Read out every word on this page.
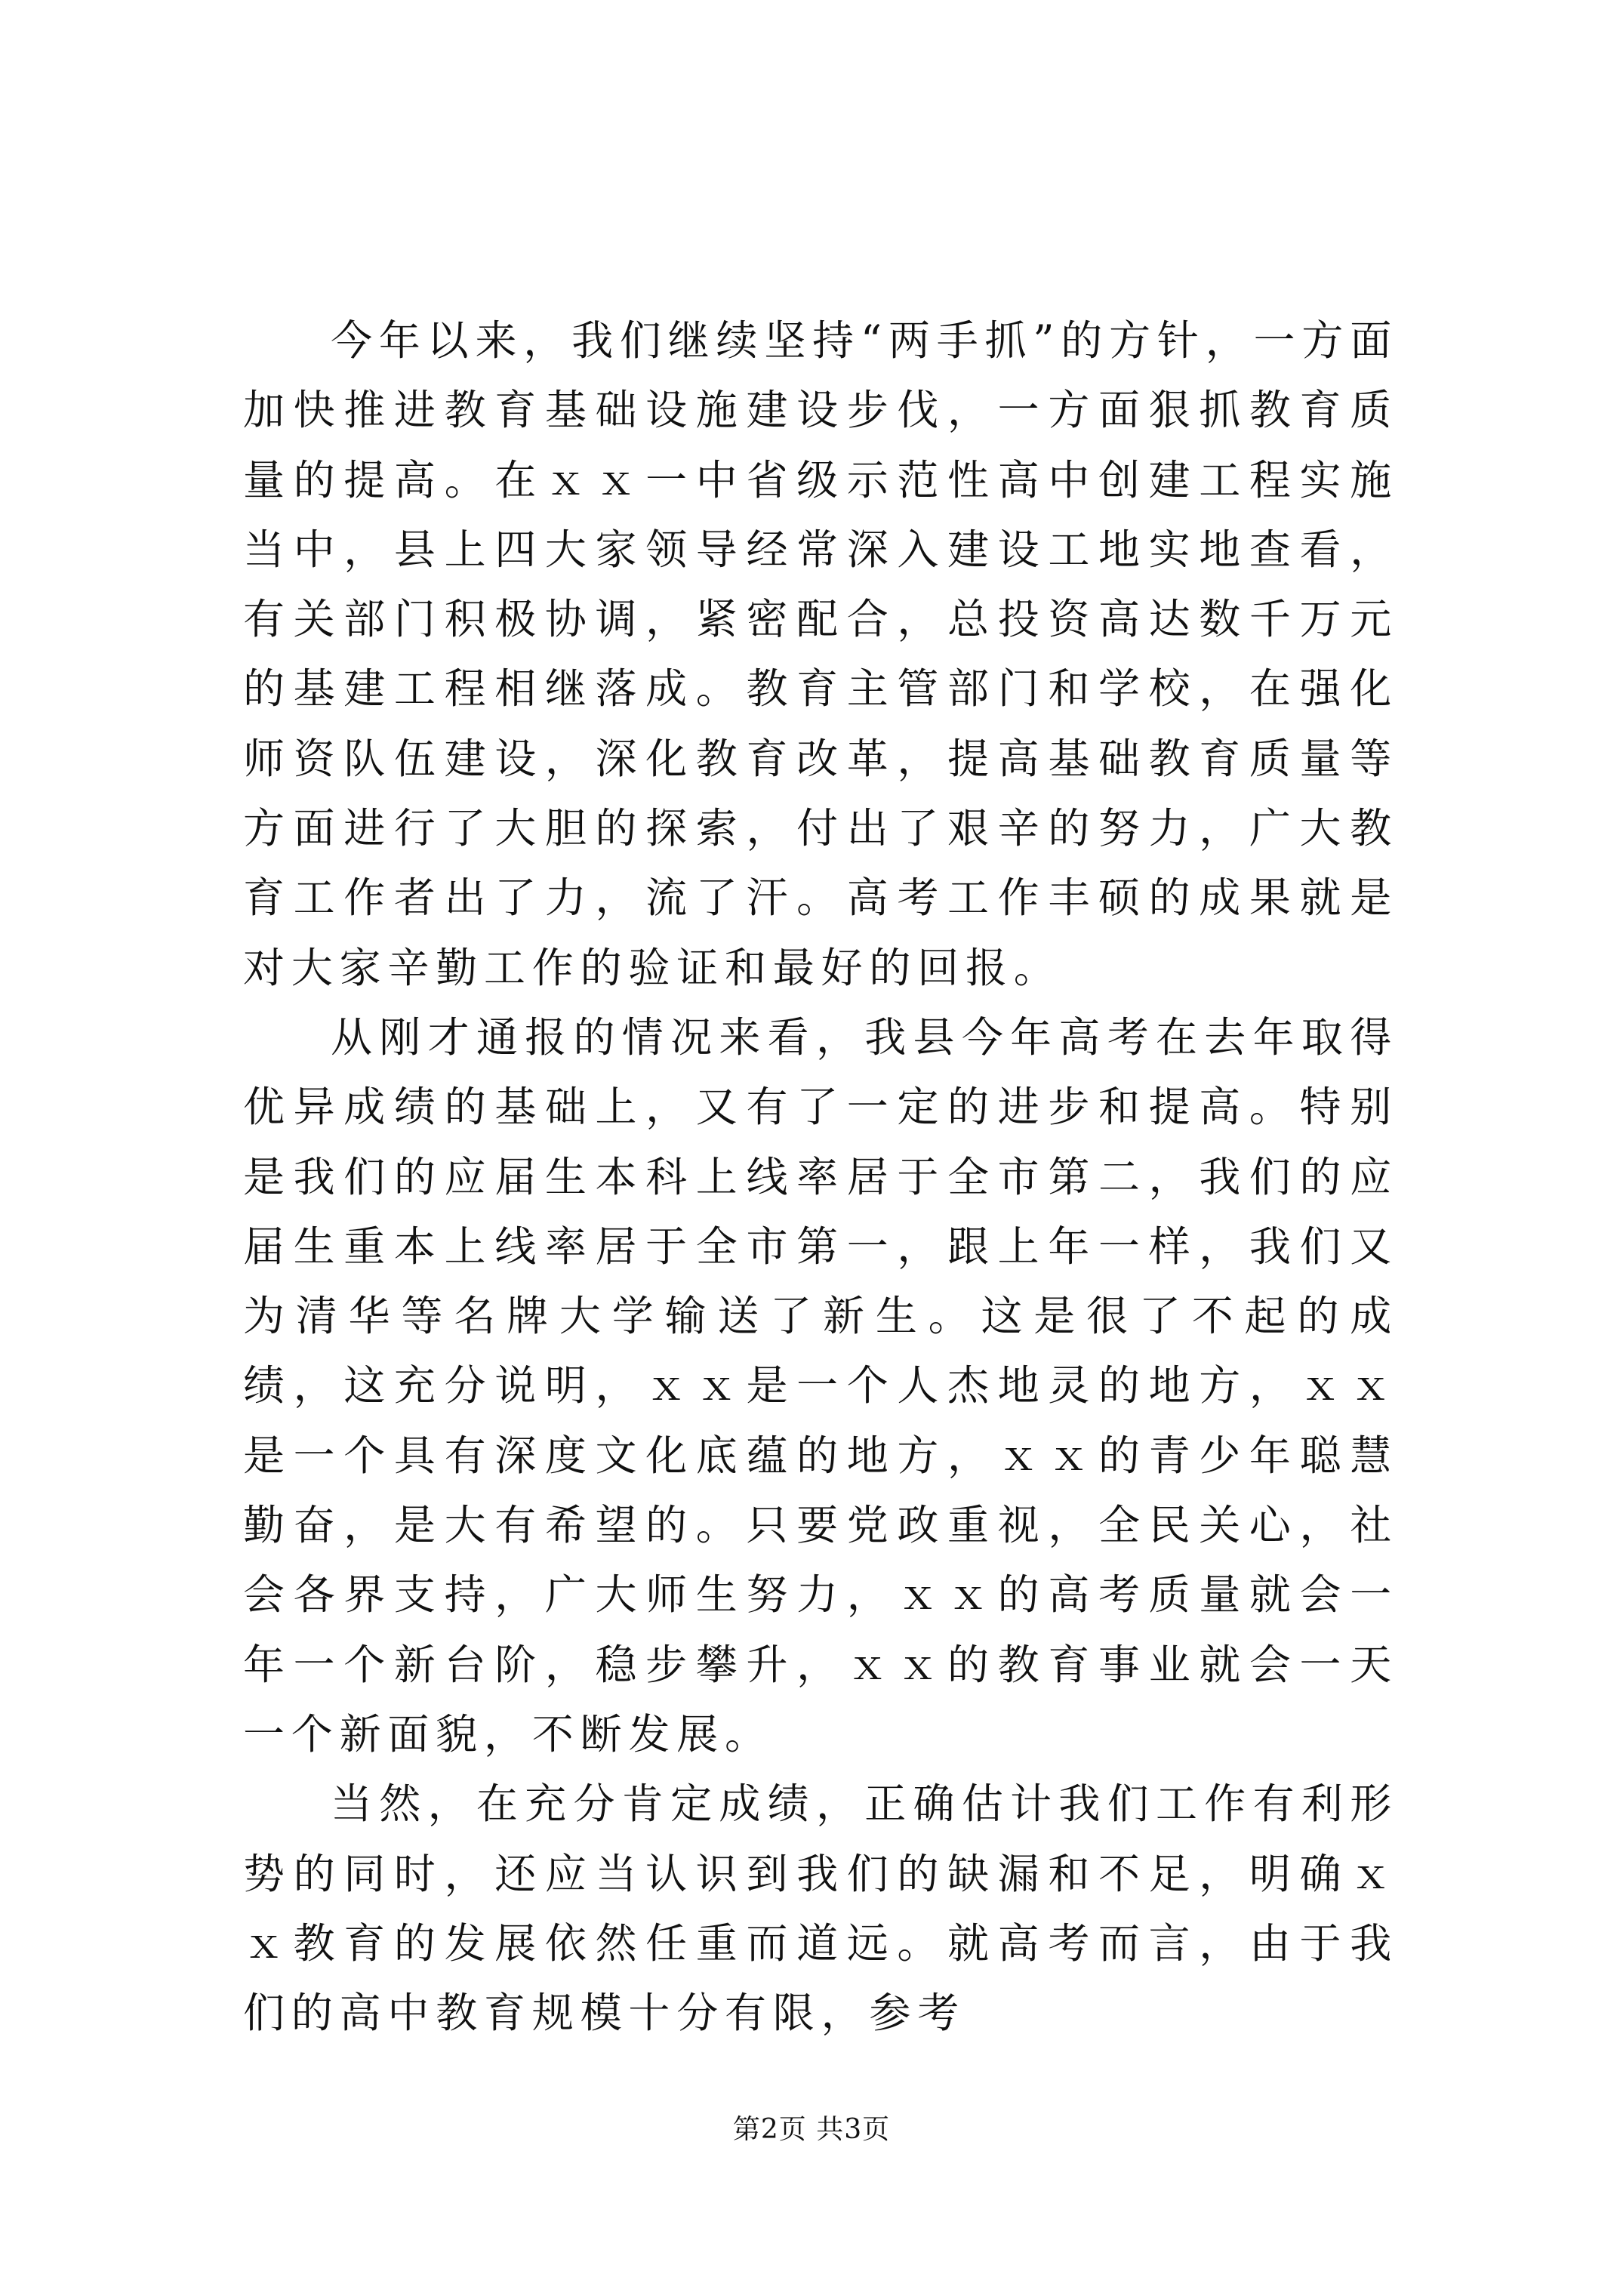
今年以来，我们继续坚持“两手抓”的方针，一方面加快推进教育基础设施建设步伐，一方面狠抓教育质量的提高。在ｘｘ一中省级示范性高中创建工程实施当中，县上四大家领导经常深入建设工地实地查看，有关部门积极协调，紧密配合，总投资高达数千万元的基建工程相继落成。教育主管部门和学校，在强化师资队伍建设，深化教育改革，提高基础教育质量等方面进行了大胆的探索，付出了艰辛的努力，广大教育工作者出了力，流了汗。高考工作丰硕的成果就是对大家辛勤工作的验证和最好的回报。

从刚才通报的情况来看，我县今年高考在去年取得优异成绩的基础上，又有了一定的进步和提高。特别是我们的应届生本科上线率居于全市第二，我们的应届生重本上线率居于全市第一，跟上年一样，我们又为清华等名牌大学输送了新生。这是很了不起的成绩，这充分说明，ｘｘ是一个人杰地灵的地方，ｘｘ是一个具有深度文化底蕴的地方，ｘｘ的青少年聪慧勤奋，是大有希望的。只要党政重视，全民关心，社会各界支持，广大师生努力，ｘｘ的高考质量就会一年一个新台阶，稳步攀升，ｘｘ的教育事业就会一天一个新面貌，不断发展。

当然，在充分肯定成绩，正确估计我们工作有利形势的同时，还应当认识到我们的缺漏和不足，明确ｘｘ教育的发展依然任重而道远。就高考而言，由于我们的高中教育规模十分有限，参考

第2页 共3页
